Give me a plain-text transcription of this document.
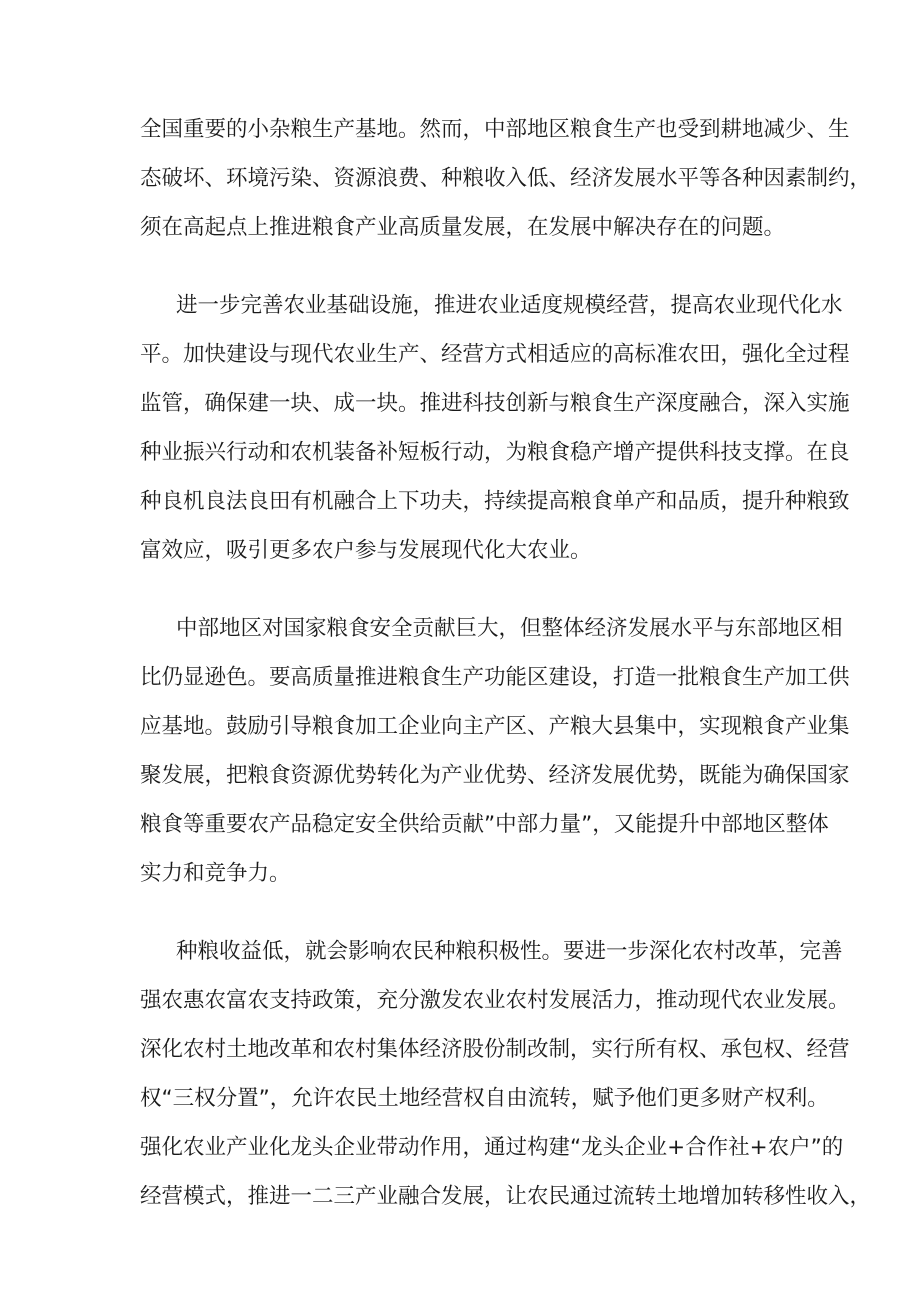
全国重要的小杂粮生产基地。然而，中部地区粮食生产也受到耕地减少、生
态破坏、环境污染、资源浪费、种粮收入低、经济发展水平等各种因素制约，
须在高起点上推进粮食产业高质量发展，在发展中解决存在的问题。
进一步完善农业基础设施，推进农业适度规模经营，提高农业现代化水
平。加快建设与现代农业生产、经营方式相适应的高标准农田，强化全过程
监管，确保建一块、成一块。推进科技创新与粮食生产深度融合，深入实施
种业振兴行动和农机装备补短板行动，为粮食稳产增产提供科技支撑。在良
种良机良法良田有机融合上下功夫，持续提高粮食单产和品质，提升种粮致
富效应，吸引更多农户参与发展现代化大农业。
中部地区对国家粮食安全贡献巨大，但整体经济发展水平与东部地区相
比仍显逊色。要高质量推进粮食生产功能区建设，打造一批粮食生产加工供
应基地。鼓励引导粮食加工企业向主产区、产粮大县集中，实现粮食产业集
聚发展，把粮食资源优势转化为产业优势、经济发展优势，既能为确保国家
粮食等重要农产品稳定安全供给贡献”中部力量”，又能提升中部地区整体
实力和竞争力。
种粮收益低，就会影响农民种粮积极性。要进一步深化农村改革，完善
强农惠农富农支持政策，充分激发农业农村发展活力，推动现代农业发展。
深化农村土地改革和农村集体经济股份制改制，实行所有权、承包权、经营
权“三权分置”，允许农民土地经营权自由流转，赋予他们更多财产权利。
强化农业产业化龙头企业带动作用，通过构建“龙头企业+合作社+农户”的
经营模式，推进一二三产业融合发展，让农民通过流转土地增加转移性收入，
